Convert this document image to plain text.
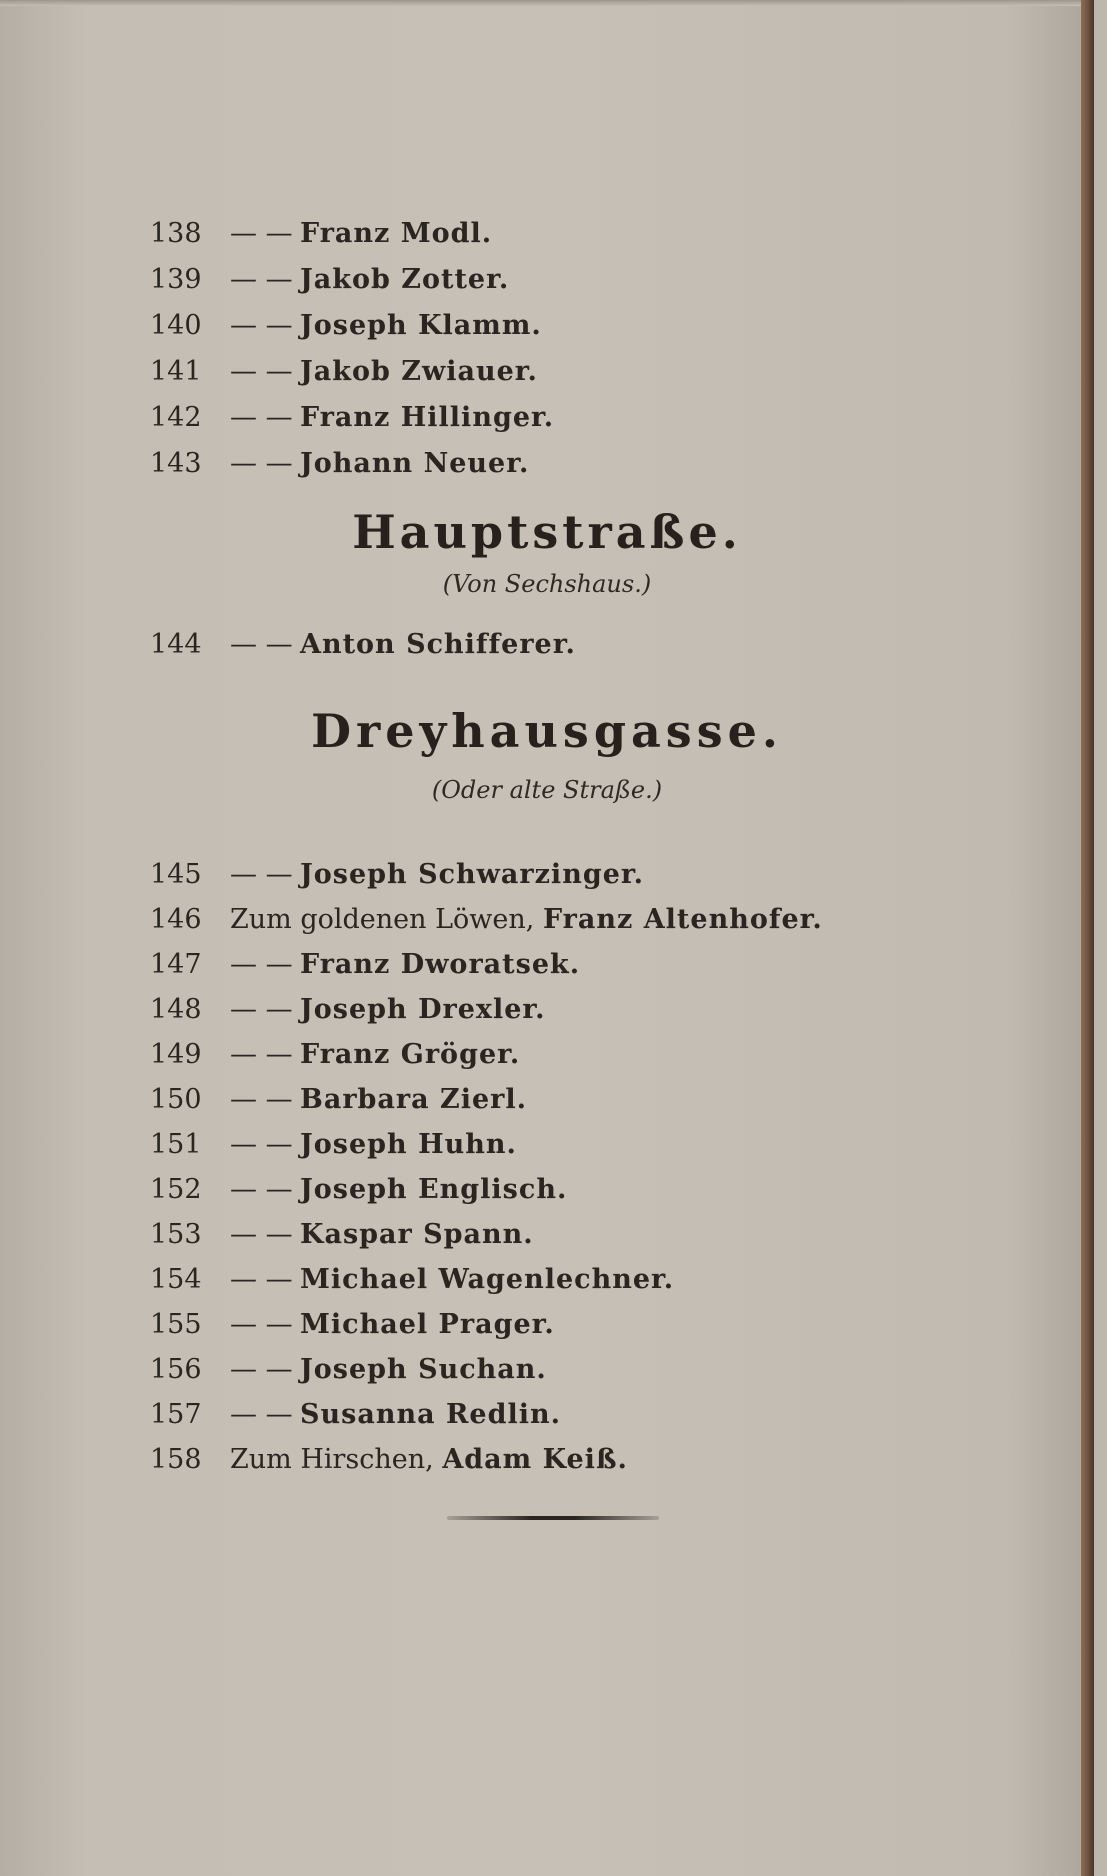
138 — — Franz Modl.
139 — — Jakob Zotter.
140 — — Joseph Klamm.
141 — — Jakob Zwiauer.
142 — — Franz Hillinger.
143 — — Johann Neuer.
Hauptstraße.
(Von Sechshaus.)
144 — — Anton Schifferer.
Dreyhausgasse.
(Oder alte Straße.)
145 — — Joseph Schwarzinger.
146 Zum goldenen Löwen, Franz Altenhofer.
147 — — Franz Dworatsek.
148 — — Joseph Drexler.
149 — — Franz Gröger.
150 — — Barbara Zierl.
151 — — Joseph Huhn.
152 — — Joseph Englisch.
153 — — Kaspar Spann.
154 — — Michael Wagenlechner.
155 — — Michael Prager.
156 — — Joseph Suchan.
157 — — Susanna Redlin.
158 Zum Hirschen, Adam Keiß.
